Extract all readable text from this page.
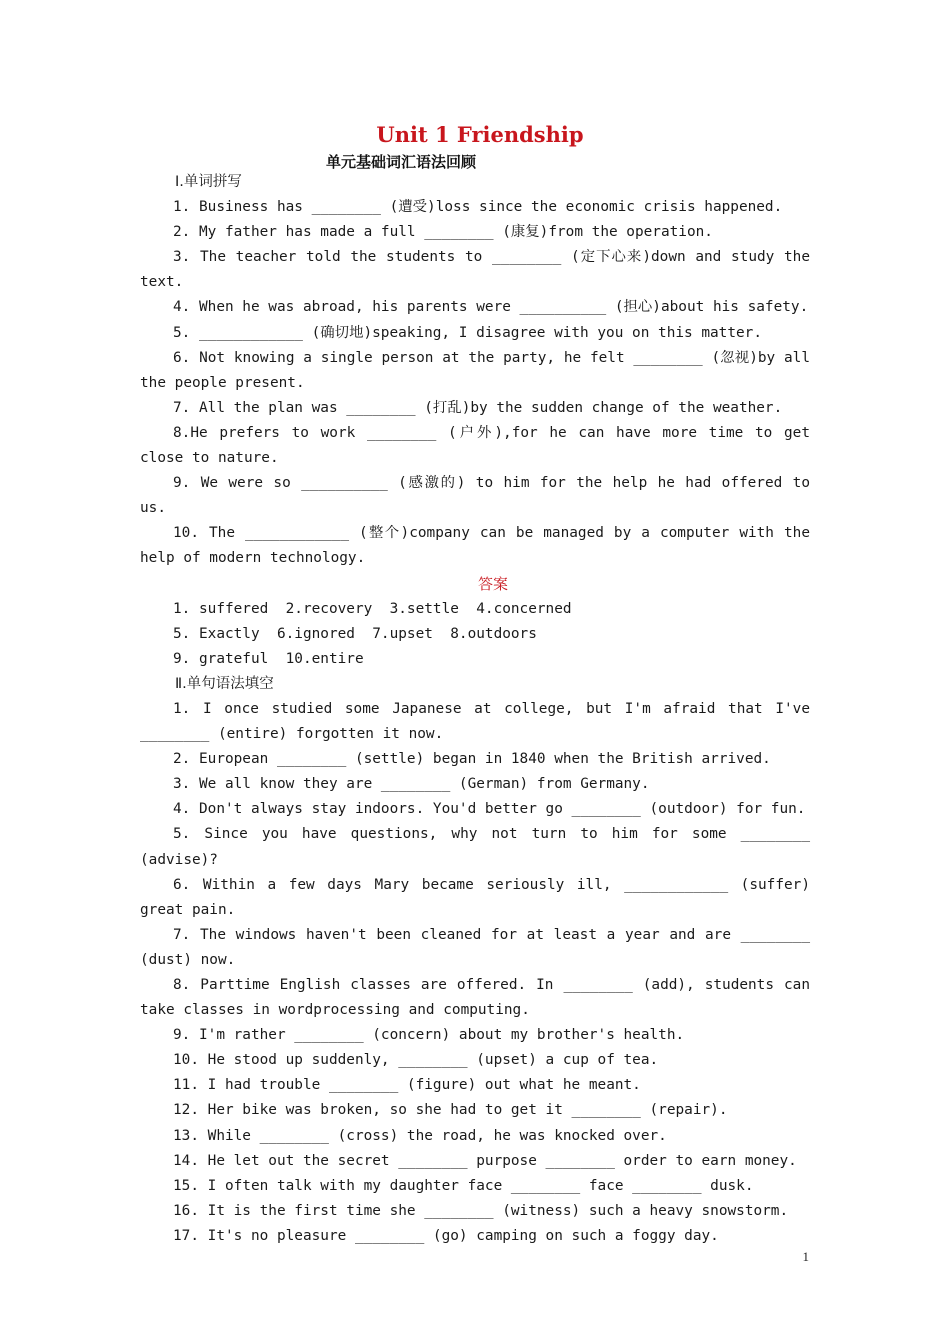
Unit 1 Friendship
单元基础词汇语法回顾
Ⅰ.单词拼写
1. Business has ________ (遭受)loss since the economic crisis happened.
2. My father has made a full ________ (康复)from the operation.
3. The teacher told the students to ________ (定下心来)down and study the text.
4. When he was abroad, his parents were __________ (担心)about his safety.
5. ____________ (确切地)speaking, I disagree with you on this matter.
6. Not knowing a single person at the party, he felt ________ (忽视)by all the people present.
7. All the plan was ________ (打乱)by the sudden change of the weather.
8.He prefers to work ________ (户外),for he can have more time to get close to nature.
9. We were so __________ (感激的) to him for the help he had offered to us.
10. The ____________ (整个)company can be managed by a computer with the help of modern technology.
答案
1. suffered  2.recovery  3.settle  4.concerned
5. Exactly  6.ignored  7.upset  8.outdoors
9. grateful  10.entire
Ⅱ.单句语法填空
1. I once studied some Japanese at college, but I'm afraid that I've ________ (entire) forgotten it now.
2. European ________ (settle) began in 1840 when the British arrived.
3. We all know they are ________ (German) from Germany.
4. Don't always stay indoors. You'd better go ________ (outdoor) for fun.
5. Since you have questions, why not turn to him for some ________ (advise)?
6. Within a few days Mary became seriously ill, ____________ (suffer) great pain.
7. The windows haven't been cleaned for at least a year and are ________ (dust) now.
8. Parttime English classes are offered. In ________ (add), students can take classes in wordprocessing and computing.
9. I'm rather ________ (concern) about my brother's health.
10. He stood up suddenly, ________ (upset) a cup of tea.
11. I had trouble ________ (figure) out what he meant.
12. Her bike was broken, so she had to get it ________ (repair).
13. While ________ (cross) the road, he was knocked over.
14. He let out the secret ________ purpose ________ order to earn money.
15. I often talk with my daughter face ________ face ________ dusk.
16. It is the first time she ________ (witness) such a heavy snowstorm.
17. It's no pleasure ________ (go) camping on such a foggy day.
1
